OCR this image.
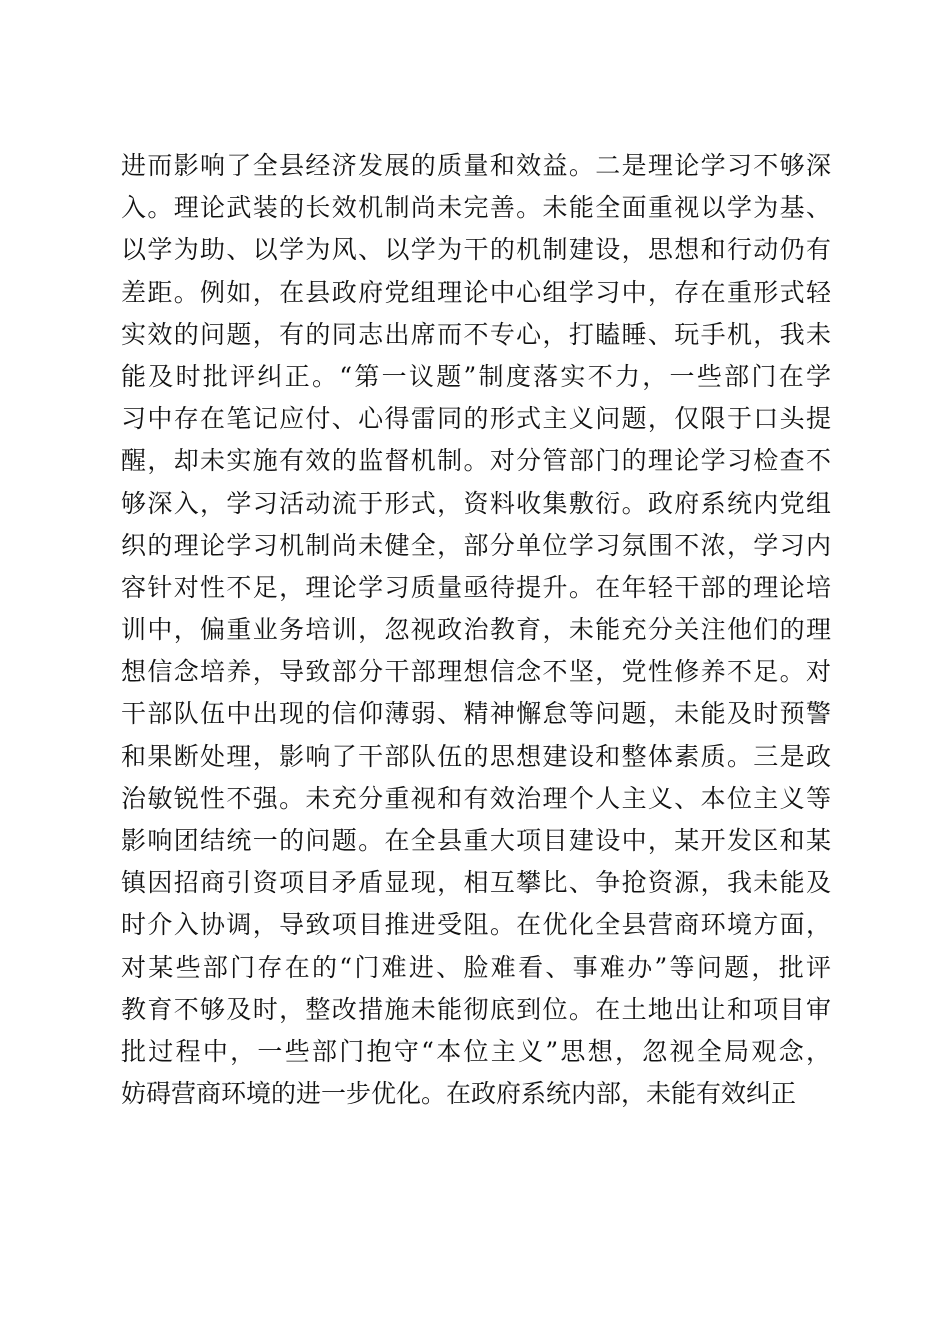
进而影响了全县经济发展的质量和效益。二是理论学习不够深
入。理论武装的长效机制尚未完善。未能全面重视以学为基、
以学为助、以学为风、以学为干的机制建设，思想和行动仍有
差距。例如，在县政府党组理论中心组学习中，存在重形式轻
实效的问题，有的同志出席而不专心，打瞌睡、玩手机，我未
能及时批评纠正。“第一议题”制度落实不力，一些部门在学
习中存在笔记应付、心得雷同的形式主义问题，仅限于口头提
醒，却未实施有效的监督机制。对分管部门的理论学习检查不
够深入，学习活动流于形式，资料收集敷衍。政府系统内党组
织的理论学习机制尚未健全，部分单位学习氛围不浓，学习内
容针对性不足，理论学习质量亟待提升。在年轻干部的理论培
训中，偏重业务培训，忽视政治教育，未能充分关注他们的理
想信念培养，导致部分干部理想信念不坚，党性修养不足。对
干部队伍中出现的信仰薄弱、精神懈怠等问题，未能及时预警
和果断处理，影响了干部队伍的思想建设和整体素质。三是政
治敏锐性不强。未充分重视和有效治理个人主义、本位主义等
影响团结统一的问题。在全县重大项目建设中，某开发区和某
镇因招商引资项目矛盾显现，相互攀比、争抢资源，我未能及
时介入协调，导致项目推进受阻。在优化全县营商环境方面，
对某些部门存在的“门难进、脸难看、事难办”等问题，批评
教育不够及时，整改措施未能彻底到位。在土地出让和项目审
批过程中，一些部门抱守“本位主义”思想，忽视全局观念，
妨碍营商环境的进一步优化。在政府系统内部，未能有效纠正
